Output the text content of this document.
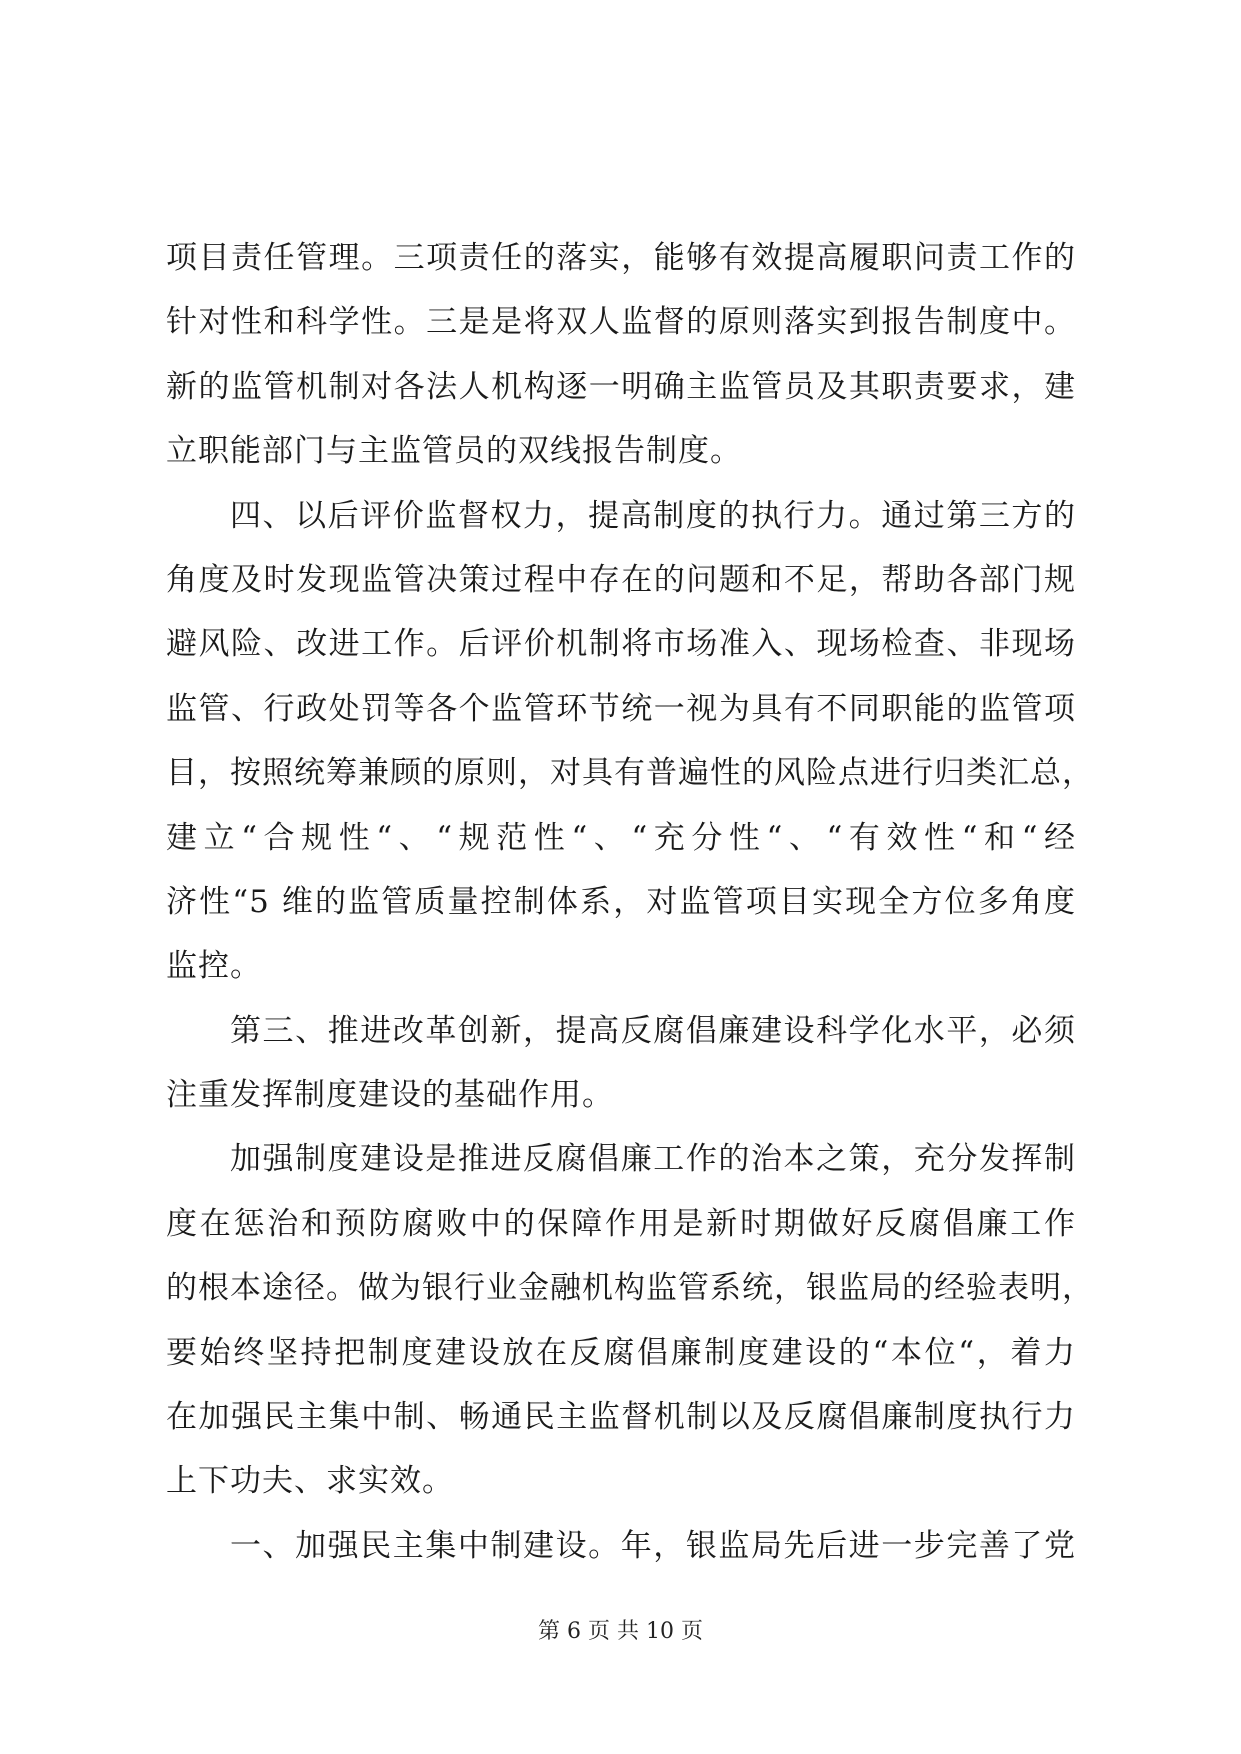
项目责任管理。三项责任的落实，能够有效提高履职问责工作的
针对性和科学性。三是是将双人监督的原则落实到报告制度中。
新的监管机制对各法人机构逐一明确主监管员及其职责要求，建
立职能部门与主监管员的双线报告制度。
四、以后评价监督权力，提高制度的执行力。通过第三方的
角度及时发现监管决策过程中存在的问题和不足，帮助各部门规
避风险、改进工作。后评价机制将市场准入、现场检查、非现场
监管、行政处罚等各个监管环节统一视为具有不同职能的监管项
目，按照统筹兼顾的原则，对具有普遍性的风险点进行归类汇总，
建立“合规性“、“规范性“、“充分性“、“有效性“和“经
济性“5 维的监管质量控制体系，对监管项目实现全方位多角度
监控。
第三、推进改革创新，提高反腐倡廉建设科学化水平，必须
注重发挥制度建设的基础作用。
加强制度建设是推进反腐倡廉工作的治本之策，充分发挥制
度在惩治和预防腐败中的保障作用是新时期做好反腐倡廉工作
的根本途径。做为银行业金融机构监管系统，银监局的经验表明，
要始终坚持把制度建设放在反腐倡廉制度建设的“本位“，着力
在加强民主集中制、畅通民主监督机制以及反腐倡廉制度执行力
上下功夫、求实效。
一、加强民主集中制建设。年，银监局先后进一步完善了党
第 6 页 共 10 页
